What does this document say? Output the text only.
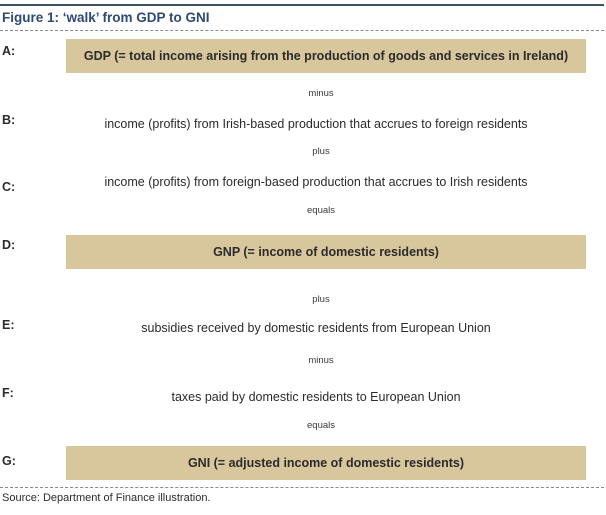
Figure 1: ‘walk’ from GDP to GNI
A:	GDP (= total income arising from the production of goods and services in Ireland)
minus
B:	income (profits) from Irish-based production that accrues to foreign residents
plus
C:	income (profits) from foreign-based production that accrues to Irish residents
equals
D:	GNP (= income of domestic residents)
plus
E:	subsidies received by domestic residents from European Union
minus
F:	taxes paid by domestic residents to European Union
equals
G:	GNI (= adjusted income of domestic residents)
Source: Department of Finance illustration.
